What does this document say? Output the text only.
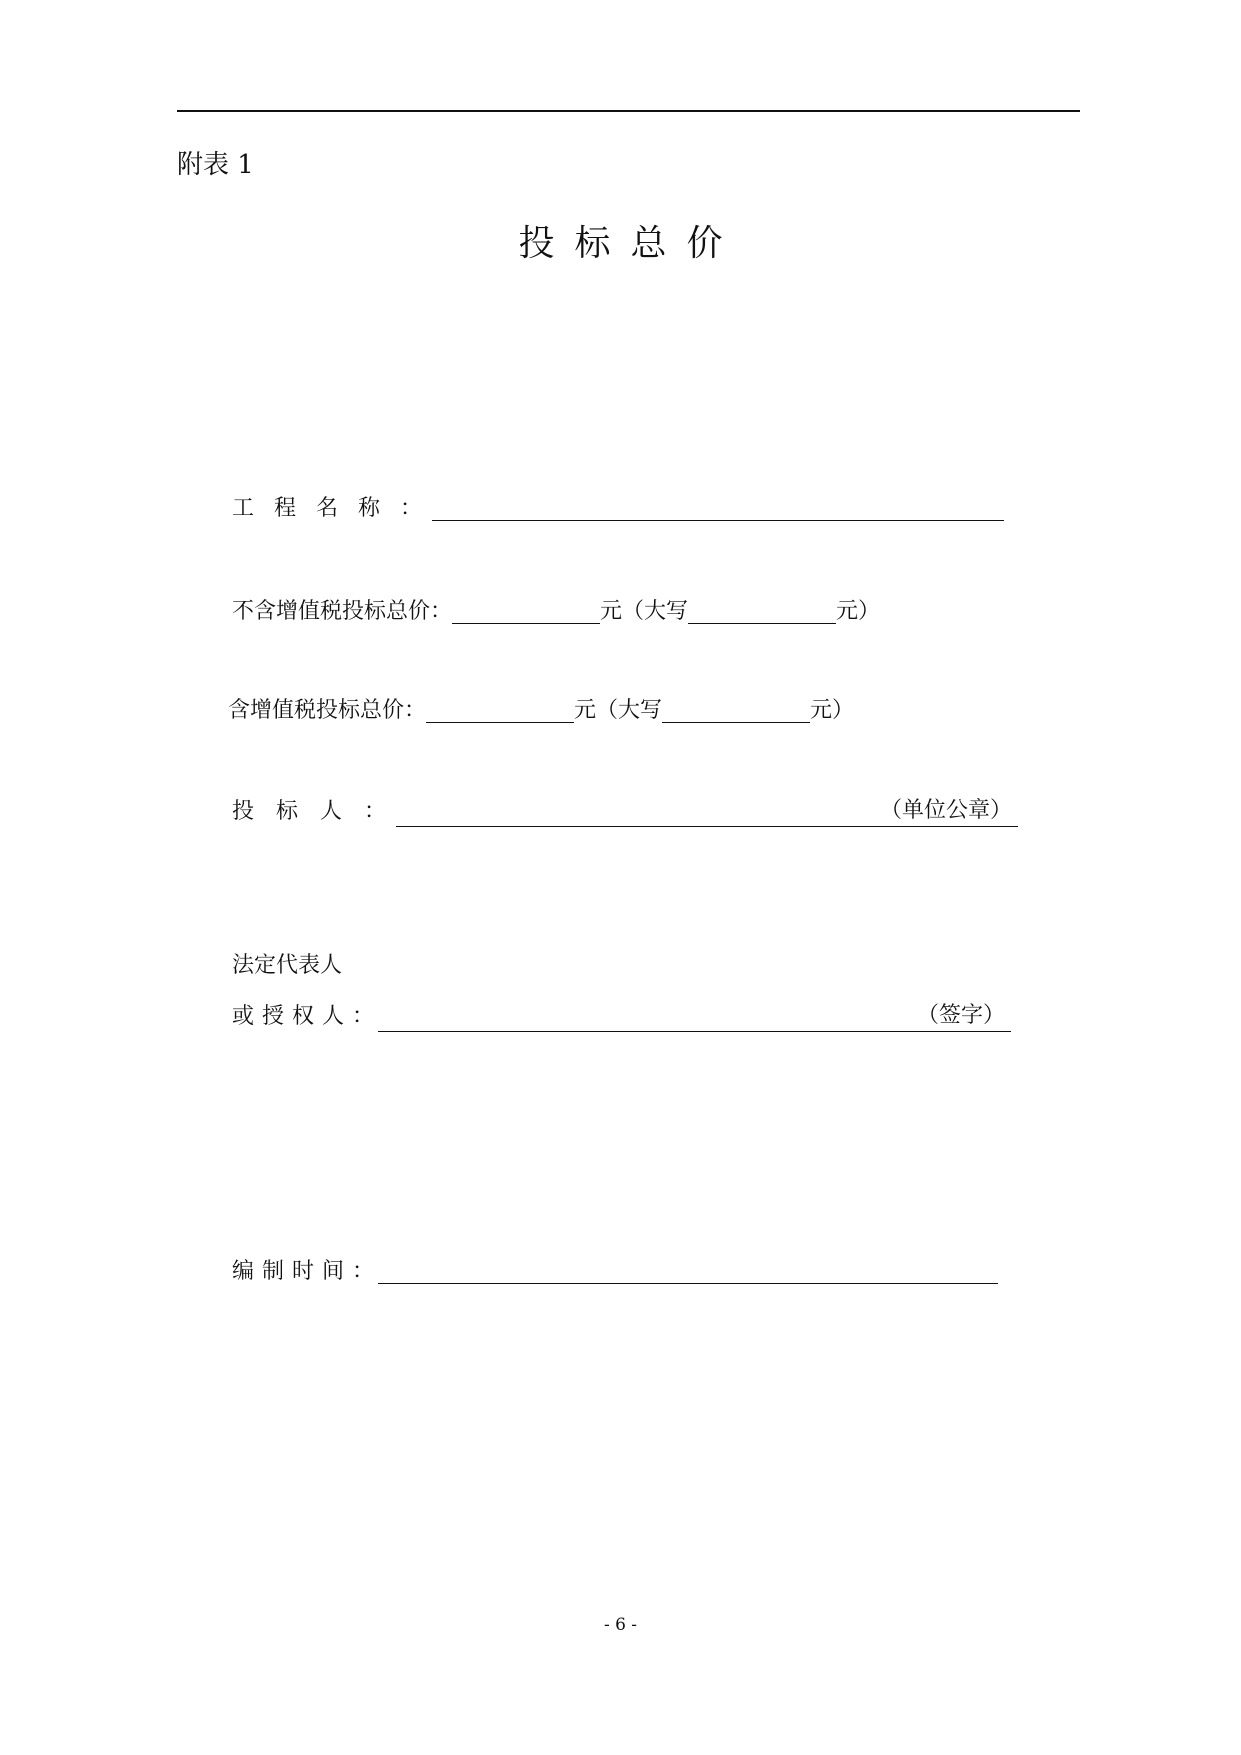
附表 1
投标总价
工程名称：
不含增值税投标总价：	元（大写	元）
含增值税投标总价：	元（大写	元）
投标人：	（单位公章）
法定代表人
或授权人：	（签字）
编制时间：
- 6 -
